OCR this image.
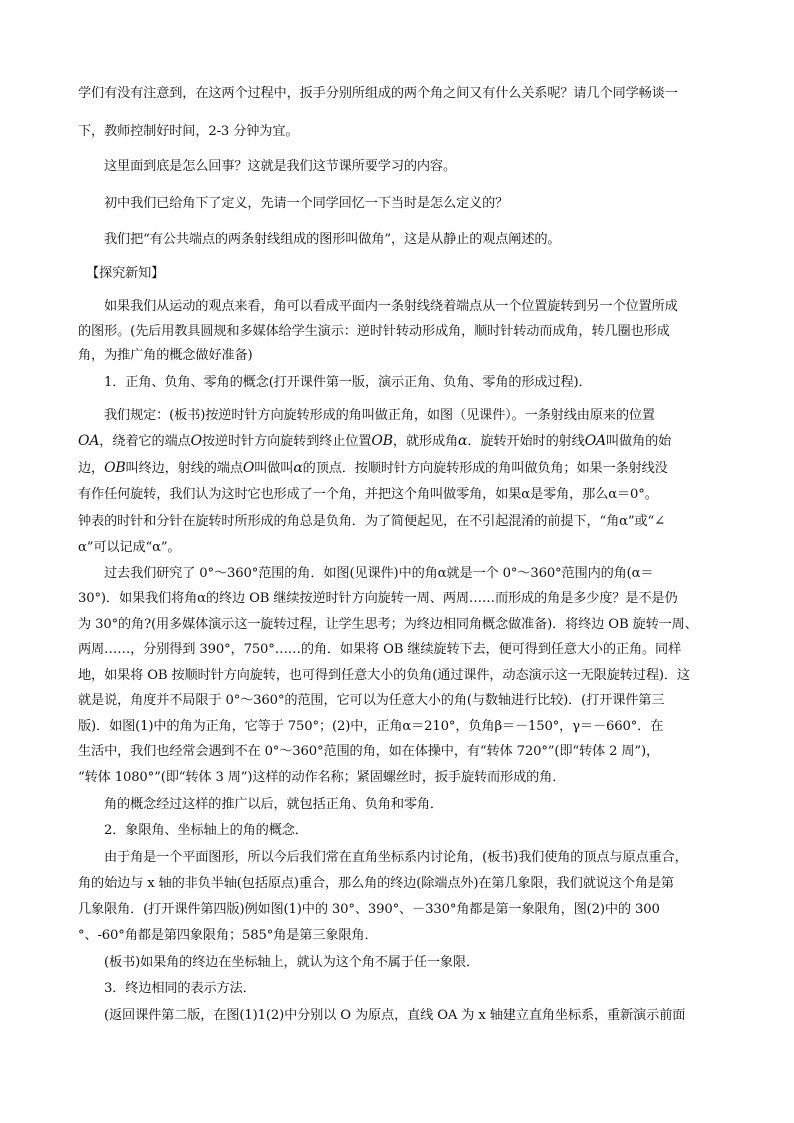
学们有没有注意到，在这两个过程中，扳手分别所组成的两个角之间又有什么关系呢？请几个同学畅谈一

下，教师控制好时间，2-3 分钟为宜。

这里面到底是怎么回事？这就是我们这节课所要学习的内容。

初中我们已给角下了定义，先请一个同学回忆一下当时是怎么定义的？

我们把“有公共端点的两条射线组成的图形叫做角”，这是从静止的观点阐述的。

【探究新知】

如果我们从运动的观点来看，角可以看成平面内一条射线绕着端点从一个位置旋转到另一个位置所成

的图形。(先后用教具圆规和多媒体给学生演示：逆时针转动形成角，顺时针转动而成角，转几圈也形成

角，为推广角的概念做好准备)

1．正角、负角、零角的概念(打开课件第一版，演示正角、负角、零角的形成过程)．

我们规定：(板书)按逆时针方向旋转形成的角叫做正角，如图（见课件）。一条射线由原来的位置

OA，绕着它的端点O按逆时针方向旋转到终止位置OB，就形成角α．旋转开始时的射线OA叫做角的始

边，OB叫终边，射线的端点O叫做叫α的顶点．按顺时针方向旋转形成的角叫做负角；如果一条射线没

有作任何旋转，我们认为这时它也形成了一个角，并把这个角叫做零角，如果α是零角，那么α＝0°。

钟表的时针和分针在旋转时所形成的角总是负角．为了简便起见，在不引起混淆的前提下，“角α”或“∠

α”可以记成“α”。

过去我们研究了 0°～360°范围的角．如图(见课件)中的角α就是一个 0°～360°范围内的角(α＝

30°)．如果我们将角α的终边 OB 继续按逆时针方向旋转一周、两周……而形成的角是多少度？是不是仍

为 30°的角?(用多媒体演示这一旋转过程，让学生思考；为终边相同角概念做准备)．将终边 OB 旋转一周、

两周……，分别得到 390°，750°……的角．如果将 OB 继续旋转下去，便可得到任意大小的正角。同样

地，如果将 OB 按顺时针方向旋转，也可得到任意大小的负角(通过课件，动态演示这一无限旋转过程)．这

就是说，角度并不局限于 0°～360°的范围，它可以为任意大小的角(与数轴进行比较)．(打开课件第三

版)．如图(1)中的角为正角，它等于 750°；(2)中，正角α＝210°，负角β＝－150°，γ＝－660°．在

生活中，我们也经常会遇到不在 0°～360°范围的角，如在体操中，有“转体 720°”(即“转体 2 周”)，

“转体 1080°”(即“转体 3 周”)这样的动作名称；紧固螺丝时，扳手旋转而形成的角．

角的概念经过这样的推广以后，就包括正角、负角和零角．

2．象限角、坐标轴上的角的概念．

由于角是一个平面图形，所以今后我们常在直角坐标系内讨论角，(板书)我们使角的顶点与原点重合，

角的始边与 x 轴的非负半轴(包括原点)重合，那么角的终边(除端点外)在第几象限，我们就说这个角是第

几象限角．(打开课件第四版)例如图(1)中的 30°、390°、－330°角都是第一象限角，图(2)中的 300

°、-60°角都是第四象限角；585°角是第三象限角．

(板书)如果角的终边在坐标轴上，就认为这个角不属于任一象限．

3．终边相同的表示方法．

(返回课件第二版，在图(1)1(2)中分别以 O 为原点，直线 OA 为 x 轴建立直角坐标系，重新演示前面
